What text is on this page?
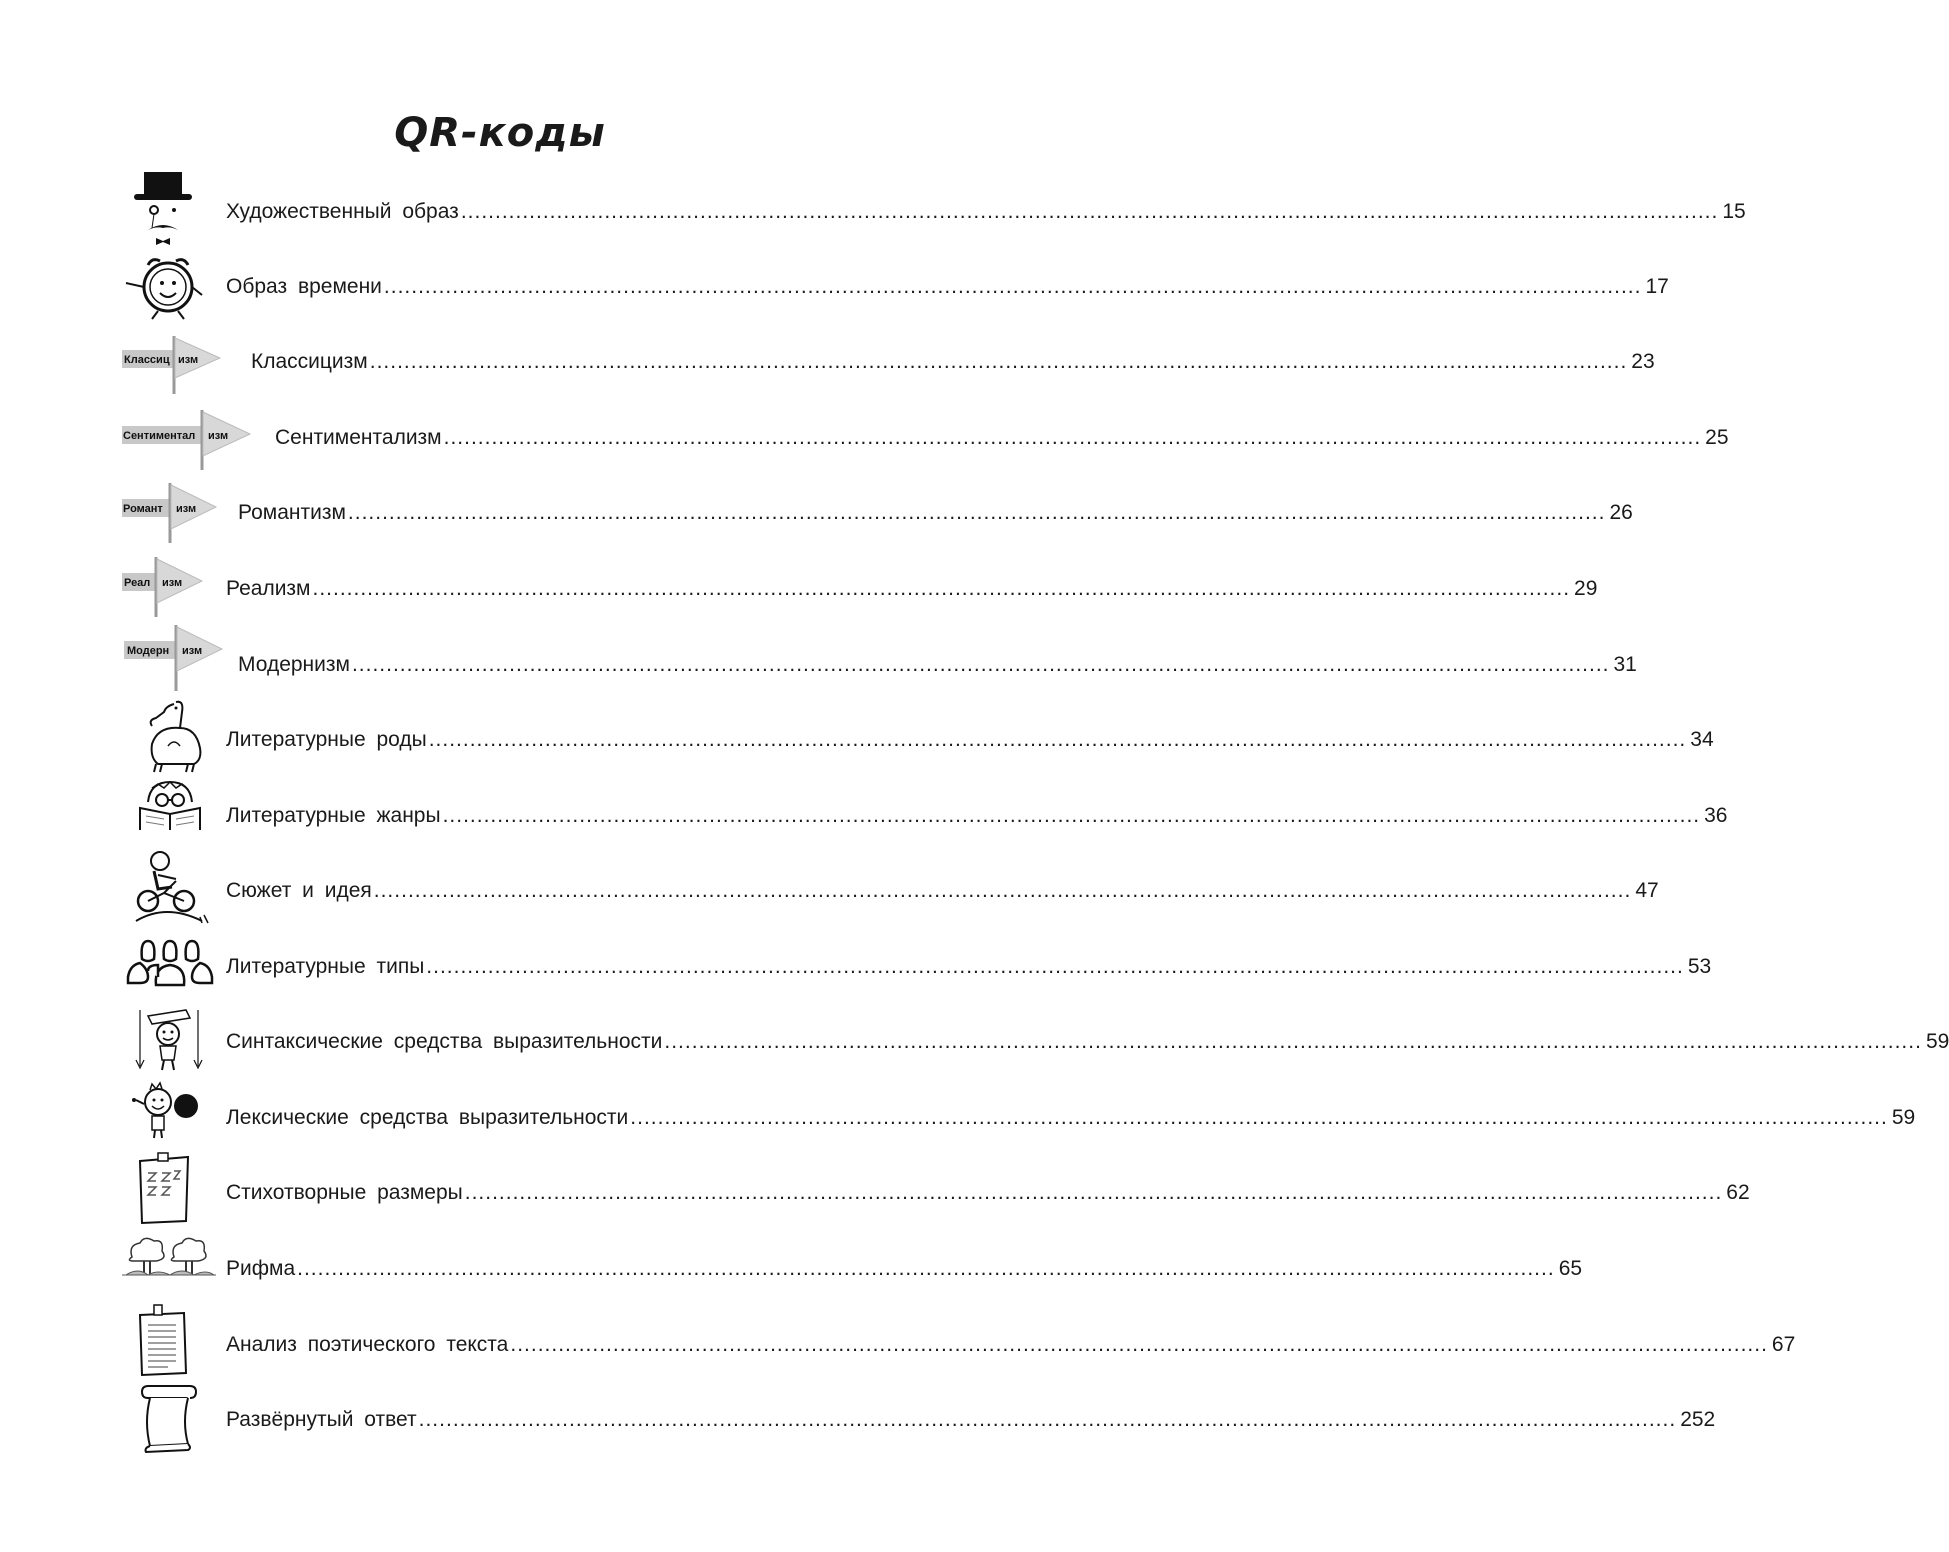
QR-коды
Художественный образ ........................................................................................................................................................................................ 15
Образ времени ........................................................................................................................................................................................ 17
Классиц изм	Классицизм ........................................................................................................................................................................................ 23
Сентиментал изм Сентиментализм ........................................................................................................................................................................................ 25
Романт изм Романтизм ........................................................................................................................................................................................ 26
Реал изм Реализм ........................................................................................................................................................................................ 29
Модерн изм
Модернизм ........................................................................................................................................................................................ 31
Литературные роды ........................................................................................................................................................................................ 34
Литературные жанры ........................................................................................................................................................................................ 36
Сюжет и идея ........................................................................................................................................................................................ 47
Литературные типы ........................................................................................................................................................................................ 53
Синтаксические средства выразительности ........................................................................................................................................................................................ 59
Лексические средства выразительности ........................................................................................................................................................................................ 59
Стихотворные размеры ........................................................................................................................................................................................ 62
Рифма ........................................................................................................................................................................................ 65
Анализ поэтического текста ........................................................................................................................................................................................ 67
Развёрнутый ответ ........................................................................................................................................................................................ 252
